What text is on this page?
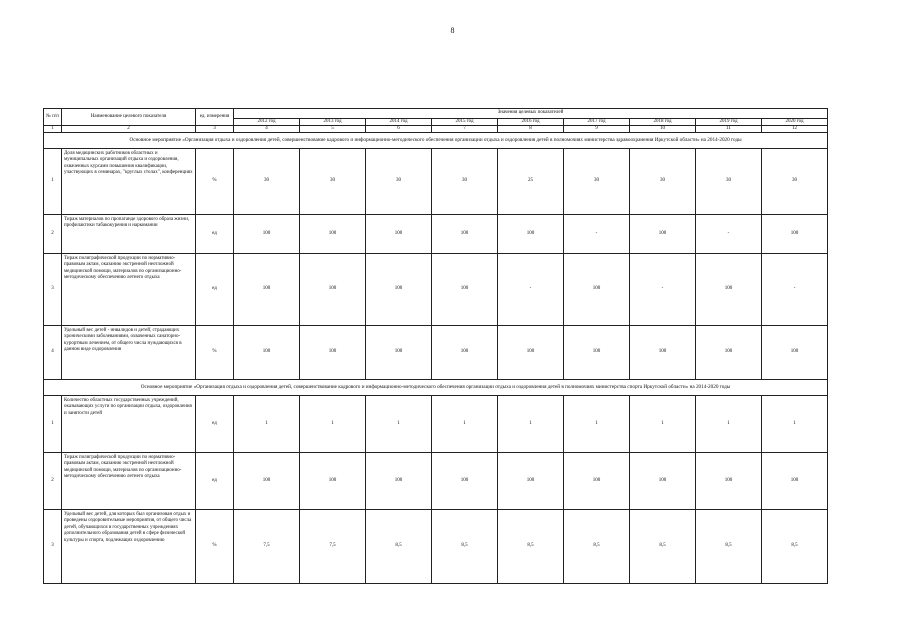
8
№ п/п	Наименование целевого показателя	ед. измерения	Значения целевых показателей								
			2012 год	2013 год	2014 год	2015 год	2016 год	2017 год	2018 год	2019 год	2020 год
1	2	3	4	5	6	7	8	9	10	11	12
Основное мероприятие «Организация отдыха и оздоровления детей, совершенствование кадрового и информационно-методического обеспечения организации отдыха и оздоровления детей в полномочиях министерства здравоохранения Иркутской области» на 2014-2020 годы											
1	Доля медицинских работников областных и муниципальных организаций отдыха и оздоровления, охваченных курсами повышения квалификации, участвующих в семинарах, "круглых столах", конференциях	%	30	30	30	30	25	30	30	30	30
2	Тираж материалов по пропаганде здорового образа жизни, профилактики табакокурения и наркомании	ед	100	100	100	100	100	-	100	-	100
3	Тираж полиграфической продукции по нормативно-правовым актам, оказанию экстренной неотложной медицинской помощи, материалов по организационно-методическому обеспечению летнего отдыха	ед	100	100	100	100	-	100	-	100	-
4	Удельный вес детей - инвалидов и детей, страдающих хроническими заболеваниями, охваченных санаторно-курортным лечением, от общего числа нуждающихся в данном виде оздоровления	%	100	100	100	100	100	100	100	100	100
Основное мероприятие «Организация отдыха и оздоровления детей, совершенствование кадрового и информационно-методического обеспечения организации отдыха и оздоровления детей в полномочиях министерства спорта Иркутской области» на 2014-2020 годы											
1	Количество областных государственных учреждений, оказывающих услуги по организации отдыха, оздоровления и занятости детей	ед	1	1	1	1	1	1	1	1	1
2	Тираж полиграфической продукции по нормативно-правовым актам, оказанию экстренной неотложной медицинской помощи, материалов по организационно-методическому обеспечению летнего отдыха	ед	100	100	100	100	100	100	100	100	100
3	Удельный вес детей, для которых был организован отдых и проведены оздоровительные мероприятия, от общего числа детей, обучающихся в государственных учреждениях дополнительного образования детей в сфере физической культуры и спорта, подлежащих оздоровлению	%	7,5	7,5	8,5	8,5	8,5	8,5	8,5	8,5	8,5
